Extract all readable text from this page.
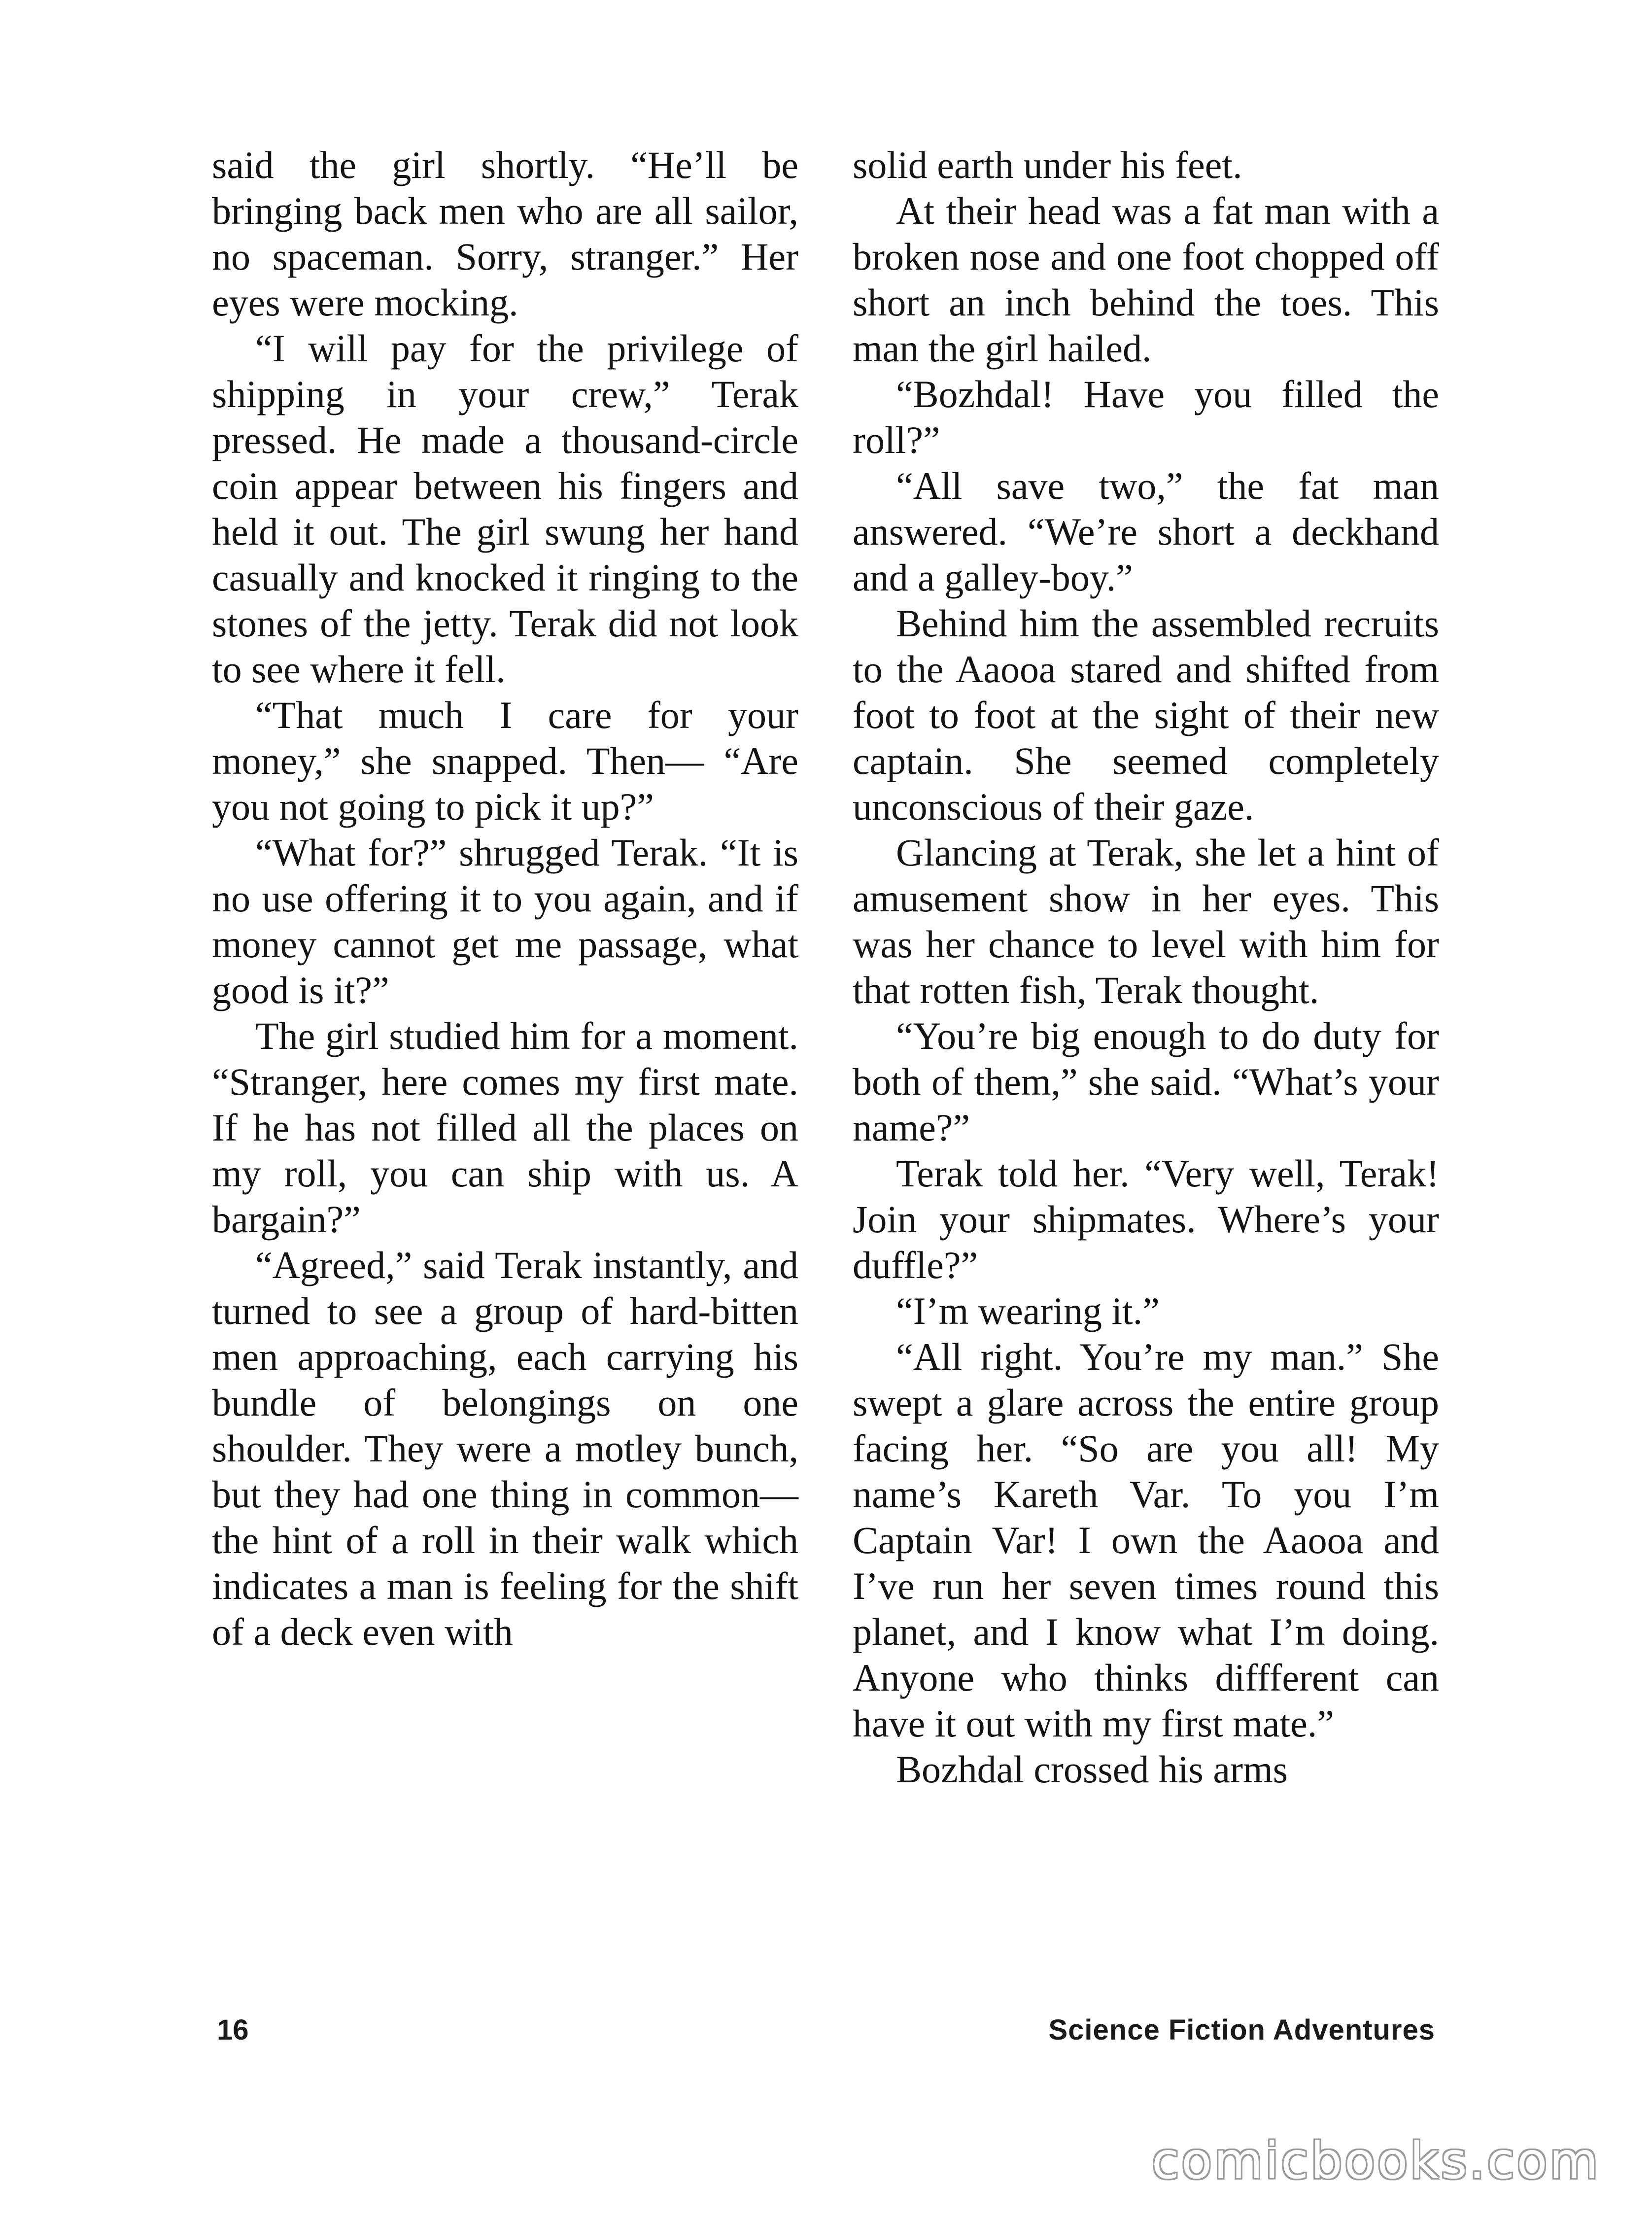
said the girl shortly. “He’ll be bringing back men who are all sailor, no spaceman. Sorry, stranger.” Her eyes were mocking.

“I will pay for the privilege of shipping in your crew,” Terak pressed. He made a thousand-circle coin appear between his fingers and held it out. The girl swung her hand casually and knocked it ringing to the stones of the jetty. Terak did not look to see where it fell.

“That much I care for your money,” she snapped. Then— “Are you not going to pick it up?”

“What for?” shrugged Terak. “It is no use offering it to you again, and if money cannot get me passage, what good is it?”

The girl studied him for a moment. “Stranger, here comes my first mate. If he has not filled all the places on my roll, you can ship with us. A bargain?”

“Agreed,” said Terak instantly, and turned to see a group of hard-bitten men approaching, each carrying his bundle of belongings on one shoulder. They were a motley bunch, but they had one thing in common—the hint of a roll in their walk which indicates a man is feeling for the shift of a deck even with

solid earth under his feet.

At their head was a fat man with a broken nose and one foot chopped off short an inch behind the toes. This man the girl hailed.

“Bozhdal! Have you filled the roll?”

“All save two,” the fat man answered. “We’re short a deckhand and a galley-boy.”

Behind him the assembled recruits to the Aaooa stared and shifted from foot to foot at the sight of their new captain. She seemed completely unconscious of their gaze.

Glancing at Terak, she let a hint of amusement show in her eyes. This was her chance to level with him for that rotten fish, Terak thought.

“You’re big enough to do duty for both of them,” she said. “What’s your name?”

Terak told her. “Very well, Terak! Join your shipmates. Where’s your duffle?”

“I’m wearing it.”

“All right. You’re my man.” She swept a glare across the entire group facing her. “So are you all! My name’s Kareth Var. To you I’m Captain Var! I own the Aaooa and I’ve run her seven times round this planet, and I know what I’m doing. Anyone who thinks diffferent can have it out with my first mate.”

Bozhdal crossed his arms

16	Science Fiction Adventures
comicbooks.com
